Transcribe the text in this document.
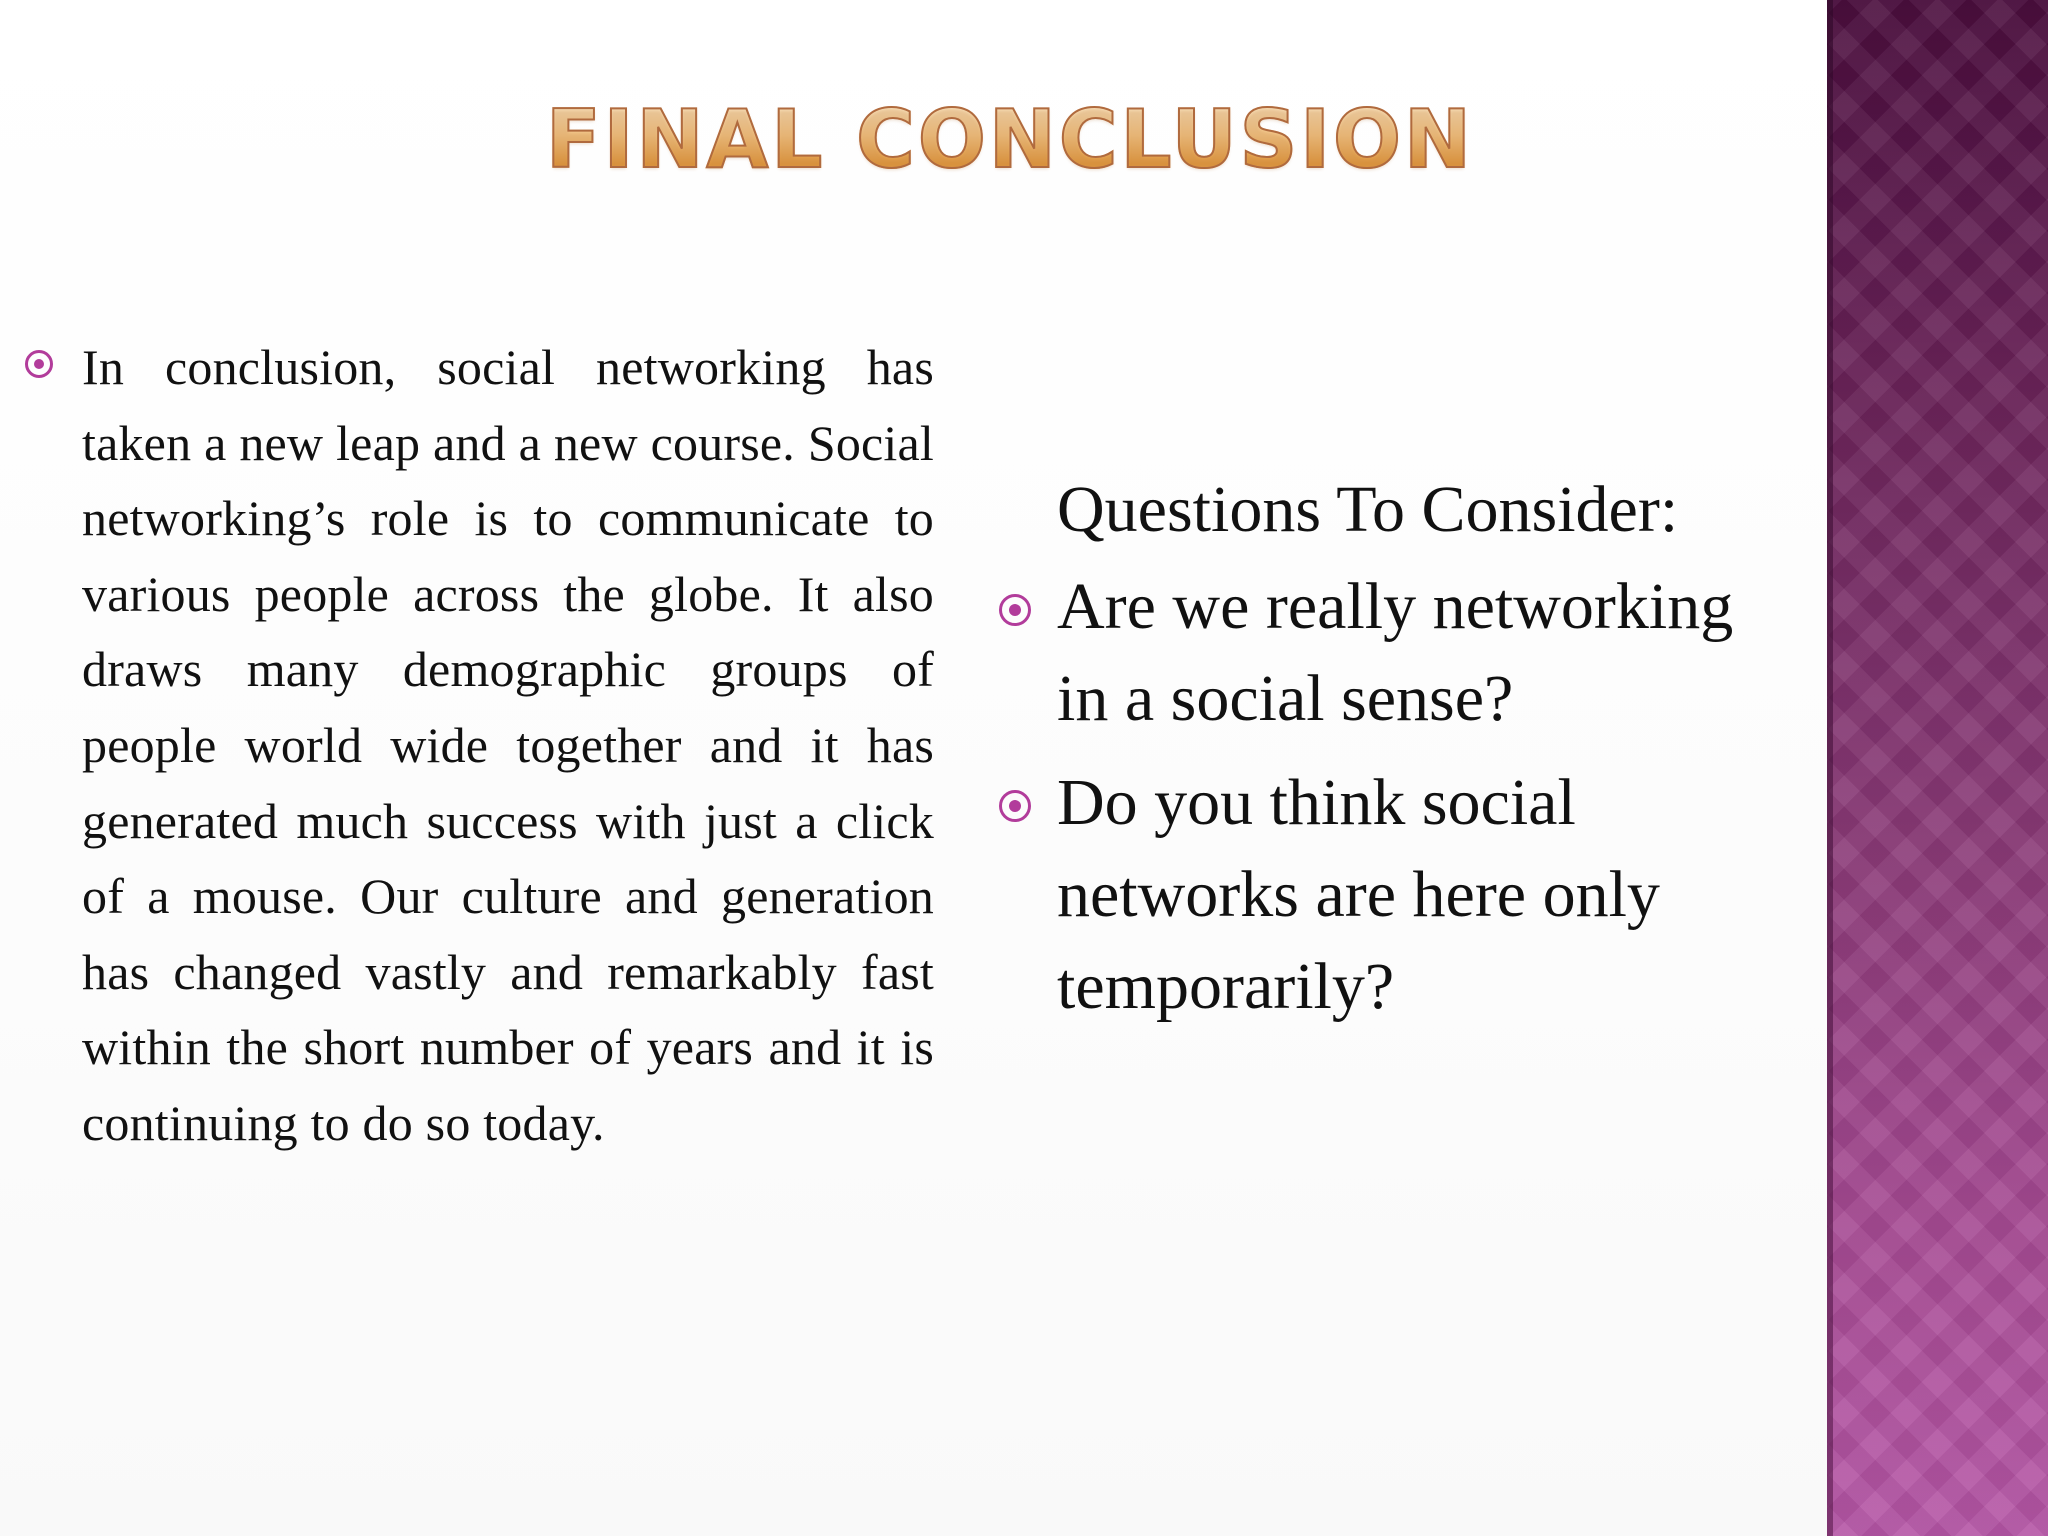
FINAL CONCLUSION
In conclusion, social networking has taken a new leap and a new course. Social networking’s role is to communicate to various people across the globe. It also draws many demographic groups of people world wide together and it has generated much success with just a click of a mouse. Our culture and generation has changed vastly and remarkably fast within the short number of years and it is continuing to do so today.
Questions To Consider:
Are we really networking in a social sense?
Do you think social networks are here only temporarily?
